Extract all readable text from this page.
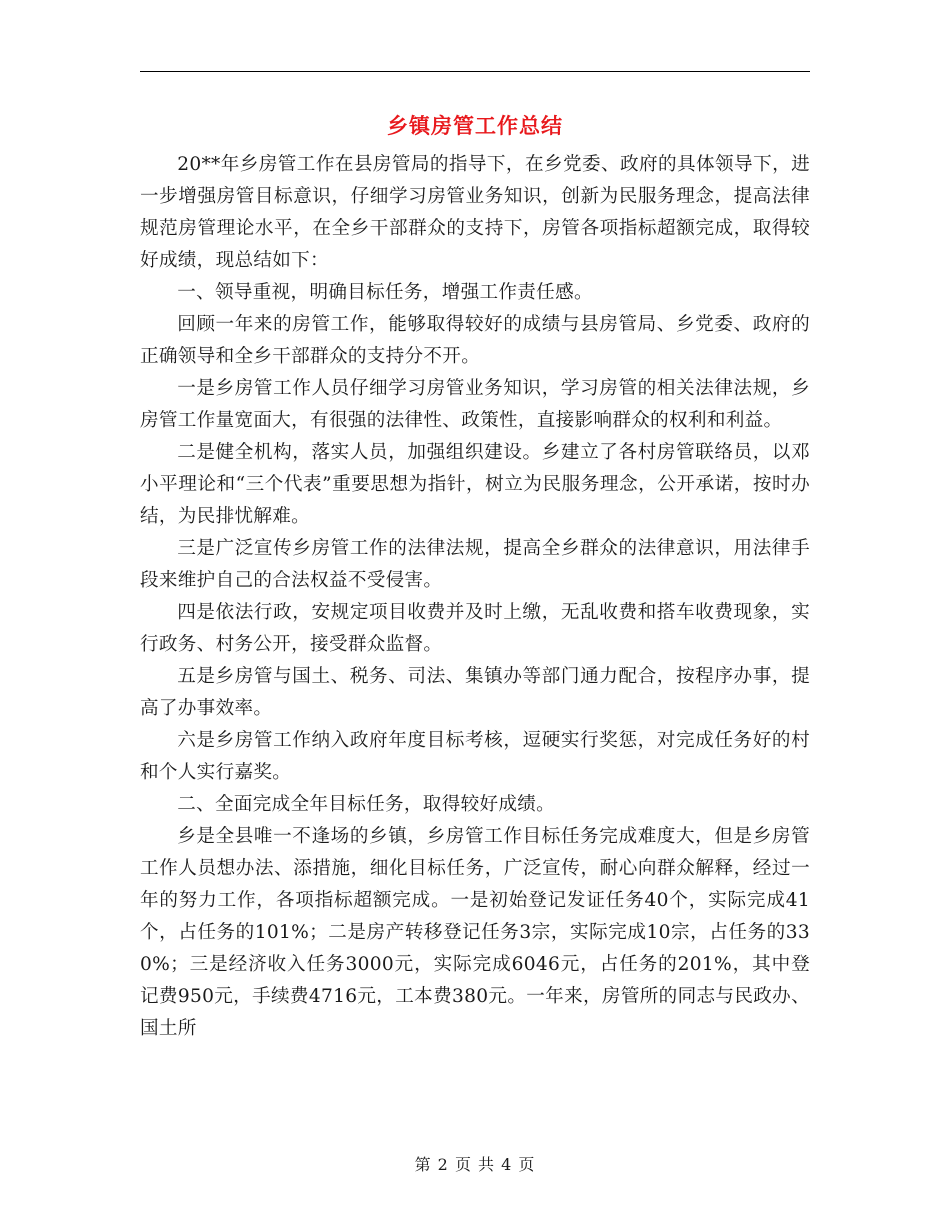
乡镇房管工作总结

20**年乡房管工作在县房管局的指导下，在乡党委、政府的具体领导下，进一步增强房管目标意识，仔细学习房管业务知识，创新为民服务理念，提高法律规范房管理论水平，在全乡干部群众的支持下，房管各项指标超额完成，取得较好成绩，现总结如下：

一、领导重视，明确目标任务，增强工作责任感。

回顾一年来的房管工作，能够取得较好的成绩与县房管局、乡党委、政府的正确领导和全乡干部群众的支持分不开。

一是乡房管工作人员仔细学习房管业务知识，学习房管的相关法律法规，乡房管工作量宽面大，有很强的法律性、政策性，直接影响群众的权利和利益。

二是健全机构，落实人员，加强组织建设。乡建立了各村房管联络员，以邓小平理论和“三个代表”重要思想为指针，树立为民服务理念，公开承诺，按时办结，为民排忧解难。

三是广泛宣传乡房管工作的法律法规，提高全乡群众的法律意识，用法律手段来维护自己的合法权益不受侵害。

四是依法行政，安规定项目收费并及时上缴，无乱收费和搭车收费现象，实行政务、村务公开，接受群众监督。

五是乡房管与国土、税务、司法、集镇办等部门通力配合，按程序办事，提高了办事效率。

六是乡房管工作纳入政府年度目标考核，逗硬实行奖惩，对完成任务好的村和个人实行嘉奖。

二、全面完成全年目标任务，取得较好成绩。

乡是全县唯一不逢场的乡镇，乡房管工作目标任务完成难度大，但是乡房管工作人员想办法、添措施，细化目标任务，广泛宣传，耐心向群众解释，经过一年的努力工作，各项指标超额完成。一是初始登记发证任务40个，实际完成41个，占任务的101%；二是房产转移登记任务3宗，实际完成10宗，占任务的330%；三是经济收入任务3000元，实际完成6046元，占任务的201%，其中登记费950元，手续费4716元，工本费380元。一年来，房管所的同志与民政办、国土所

第 2 页 共 4 页
